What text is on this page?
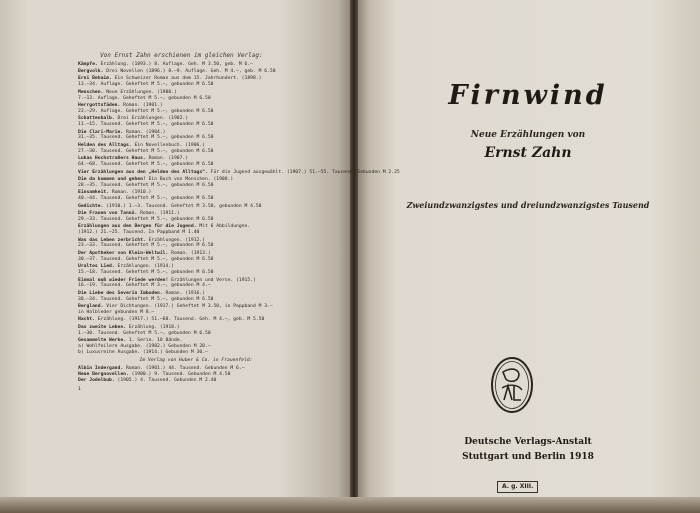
Von Ernst Zahn erschienen im gleichen Verlag:
Kämpfe. Erzählung. (1893.) 8. Auflage. Geh. M 3.50, geb. M 6.–
Bergvolk. Drei Novellen (1896.) 8.–9. Auflage. Geh. M 4.–, geb. M 6.50
Erni Behaim. Ein Schweizer Roman aus dem 15. Jahrhundert. (1898.)
13.–34. Auflage. Geheftet M 5.–, gebunden M 6.50
Menschen. Neue Erzählungen. (1900.)
7.–13. Auflage. Geheftet M 5.–, gebunden M 6.50
Herrgottsfäden. Roman. (1901.)
23.–29. Auflage. Geheftet M 5.–, gebunden M 6.50
Schattenhalb. Drei Erzählungen. (1902.)
11.–15. Tausend. Geheftet M 5.–, gebunden M 6.50
Die Clari-Marie. Roman. (1904.)
31.–35. Tausend. Geheftet M 5.–, gebunden M 6.50
Helden des Alltags. Ein Novellenbuch. (1906.)
27.–30. Tausend. Geheftet M 5.–, gebunden M 6.50
Lukas Hochstraßers Haus. Roman. (1907.)
64.–68. Tausend. Geheftet M 5.–, gebunden M 6.50
Vier Erzählungen aus den „Helden des Alltags“. Für die Jugend ausgewählt. (1907.) 51.–55. Tausend. Gebunden M 2.25
Die da kommen und gehen! Ein Buch von Menschen. (1908.)
28.–35. Tausend. Geheftet M 5.–, gebunden M 6.50
Einsamkeit. Roman. (1910.)
40.–44. Tausend. Geheftet M 5.–, gebunden M 6.50
Gedichte. (1910.) 1.–3. Tausend. Geheftet M 3.50, gebunden M 4.50
Die Frauen von Tannö. Roman. (1911.)
29.–33. Tausend. Geheftet M 5.–, gebunden M 6.50
Erzählungen aus den Bergen für die Jugend. Mit 6 Abbildungen.
(1912.) 21.–25. Tausend. In Pappband M 1.40
Was das Leben zerbricht. Erzählungen. (1912.)
23.–33. Tausend. Geheftet M 5.–, gebunden M 6.50
Der Apotheker von Klein-Weltwil. Roman. (1913.)
30.–37. Tausend. Geheftet M 5.–, gebunden M 6.50
Uraltes Lied. Erzählungen. (1914.)
15.–18. Tausend. Geheftet M 5.–, gebunden M 6.50
Einmal muß wieder Friede werden! Erzählungen und Verse. (1915.)
16.–19. Tausend. Geheftet M 3.–, gebunden M 4.–
Die Liebe des Severin Imboden. Roman. (1916.)
30.–34. Tausend. Geheftet M 5.–, gebunden M 6.50
Bergland. Vier Dichtungen. (1917.) Geheftet M 3.50, in Pappband M 3.–
in Halbleder gebunden M 8.–
Nacht. Erzählung. (1917.) 51.–60. Tausend. Geh. M 4.–, geb. M 5.50
Das zweite Leben. Erzählung. (1918.)
1.–30. Tausend. Geheftet M 5.–, gebunden M 6.50
Gesammelte Werke. 1. Serie. 10 Bände.
a) Wohlfeilere Ausgabe. (1902.) Gebunden M 20.–
b) Luxusreihe Ausgabe. (1914.) Gebunden M 30.–
Im Verlag von Huber & Co. in Frauenfeld:
Albin Indergand. Roman. (1901.) 44. Tausend. Gebunden M 6.–
Neue Bergnovellen. (1900.) 9. Tausend. Gebunden M 4.50
Der Jodelbub. (1905.) 4. Tausend. Gebunden M 2.40
1
Firnwind
Neue Erzählungen von
Ernst Zahn
Zweiundzwanzigstes und dreiundzwanzigstes Tausend
Deutsche Verlags-Anstalt
Stuttgart und Berlin 1918
A. g. XIII.
